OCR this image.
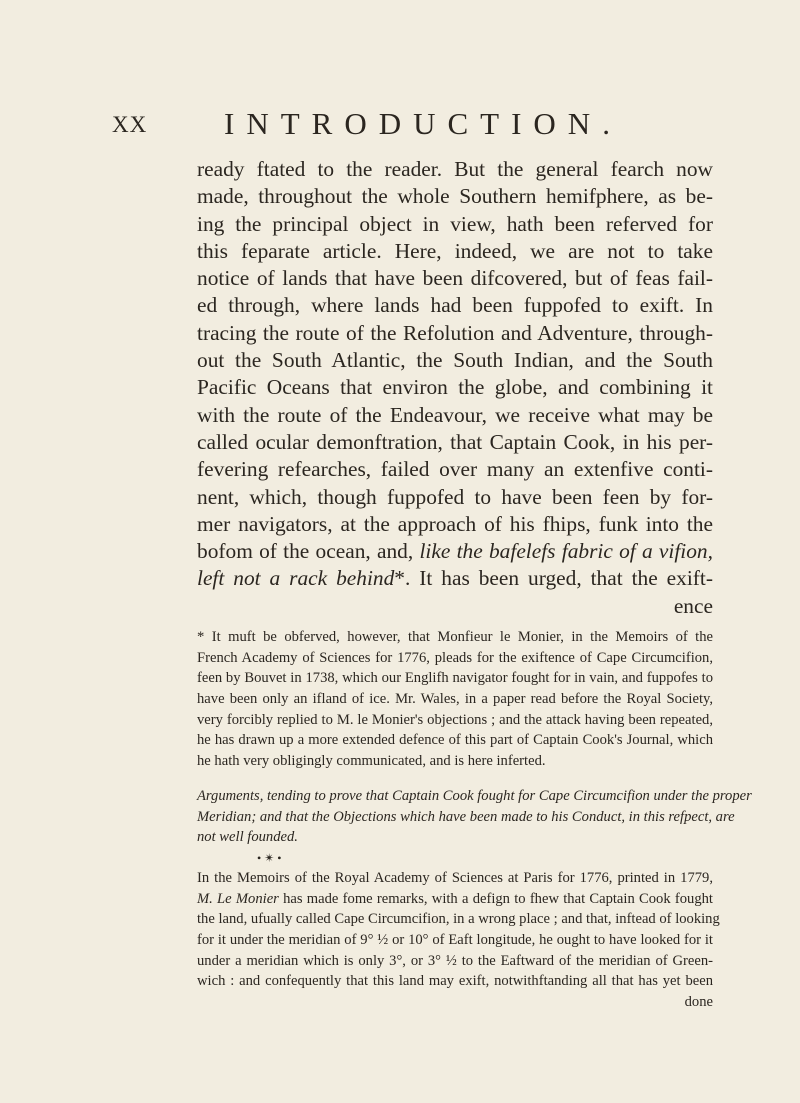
XX INTRODUCTION.
ready ftated to the reader. But the general fearch now
made, throughout the whole Southern hemifphere, as be-
ing the principal object in view, hath been referved for
this feparate article. Here, indeed, we are not to take
notice of lands that have been difcovered, but of feas fail-
ed through, where lands had been fuppofed to exift. In
tracing the route of the Refolution and Adventure, through-
out the South Atlantic, the South Indian, and the South
Pacific Oceans that environ the globe, and combining it
with the route of the Endeavour, we receive what may be
called ocular demonftration, that Captain Cook, in his per-
fevering refearches, failed over many an extenfive conti-
nent, which, though fuppofed to have been feen by for-
mer navigators, at the approach of his fhips, funk into the
bofom of the ocean, and, like the bafelefs fabric of a vifion,
left not a rack behind*. It has been urged, that the exift-
ence
* It muft be obferved, however, that Monfieur le Monier, in the Memoirs of the
French Academy of Sciences for 1776, pleads for the exiftence of Cape Circumcifion,
feen by Bouvet in 1738, which our Englifh navigator fought for in vain, and fuppofes to
have been only an ifland of ice. Mr. Wales, in a paper read before the Royal Society,
very forcibly replied to M. le Monier's objections ; and the attack having been repeated,
he has drawn up a more extended defence of this part of Captain Cook's Journal, which
he hath very obligingly communicated, and is here inferted.
Arguments, tending to prove that Captain Cook fought for Cape Circumcifion under the proper
Meridian; and that the Objections which have been made to his Conduct, in this refpect, are
not well founded.
• ✴ •
In the Memoirs of the Royal Academy of Sciences at Paris for 1776, printed in 1779,
M. Le Monier has made fome remarks, with a defign to fhew that Captain Cook fought
the land, ufually called Cape Circumcifion, in a wrong place ; and that, inftead of looking
for it under the meridian of 9° ½ or 10° of Eaft longitude, he ought to have looked for it
under a meridian which is only 3°, or 3° ½ to the Eaftward of the meridian of Green-
wich : and confequently that this land may exift, notwithftanding all that has yet been
done
